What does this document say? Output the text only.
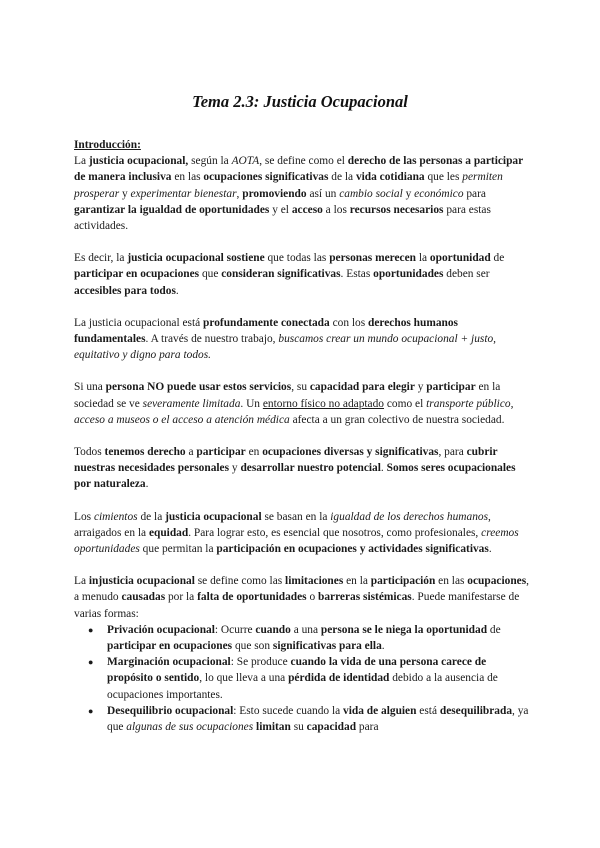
Tema 2.3: Justicia Ocupacional
Introducción:

La justicia ocupacional, según la AOTA, se define como el derecho de las personas a participar de manera inclusiva en las ocupaciones significativas de la vida cotidiana que les permiten prosperar y experimentar bienestar, promoviendo así un cambio social y económico para garantizar la igualdad de oportunidades y el acceso a los recursos necesarios para estas actividades.

Es decir, la justicia ocupacional sostiene que todas las personas merecen la oportunidad de participar en ocupaciones que consideran significativas. Estas oportunidades deben ser accesibles para todos.

La justicia ocupacional está profundamente conectada con los derechos humanos fundamentales. A través de nuestro trabajo, buscamos crear un mundo ocupacional + justo, equitativo y digno para todos.

Si una persona NO puede usar estos servicios, su capacidad para elegir y participar en la sociedad se ve severamente limitada. Un entorno físico no adaptado como el transporte público, acceso a museos o el acceso a atención médica afecta a un gran colectivo de nuestra sociedad.

Todos tenemos derecho a participar en ocupaciones diversas y significativas, para cubrir nuestras necesidades personales y desarrollar nuestro potencial. Somos seres ocupacionales por naturaleza.

Los cimientos de la justicia ocupacional se basan en la igualdad de los derechos humanos, arraigados en la equidad. Para lograr esto, es esencial que nosotros, como profesionales, creemos oportunidades que permitan la participación en ocupaciones y actividades significativas.

La injusticia ocupacional se define como las limitaciones en la participación en las ocupaciones, a menudo causadas por la falta de oportunidades o barreras sistémicas. Puede manifestarse de varias formas:

● Privación ocupacional: Ocurre cuando a una persona se le niega la oportunidad de participar en ocupaciones que son significativas para ella.
● Marginación ocupacional: Se produce cuando la vida de una persona carece de propósito o sentido, lo que lleva a una pérdida de identidad debido a la ausencia de ocupaciones importantes.
● Desequilibrio ocupacional: Esto sucede cuando la vida de alguien está desequilibrada, ya que algunas de sus ocupaciones limitan su capacidad para
